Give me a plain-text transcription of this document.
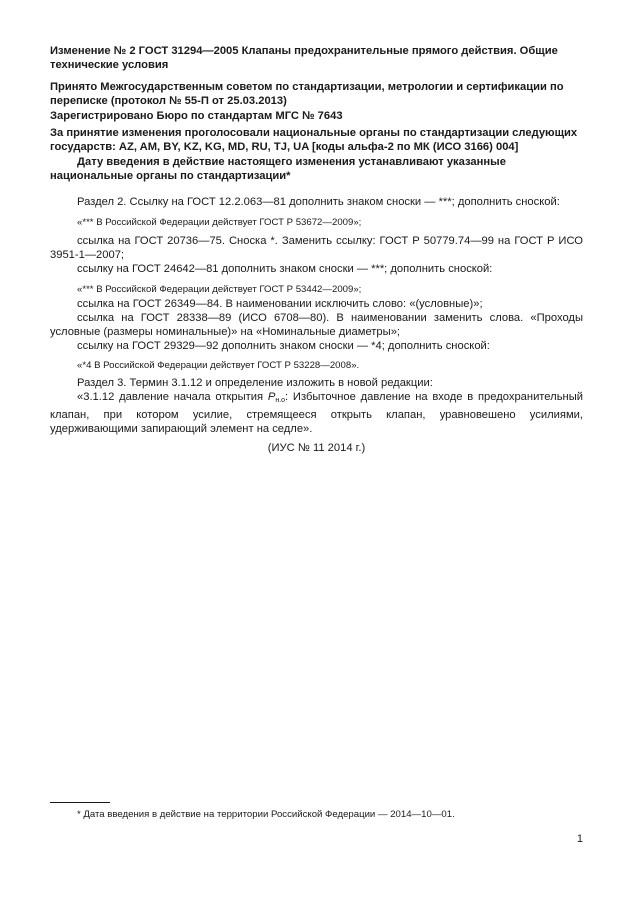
Изменение № 2 ГОСТ 31294—2005 Клапаны предохранительные прямого действия. Общие технические условия
Принято Межгосударственным советом по стандартизации, метрологии и сертификации по переписке (протокол № 55-П от 25.03.2013)
Зарегистрировано Бюро по стандартам МГС № 7643
За принятие изменения проголосовали национальные органы по стандартизации следующих государств: AZ, AM, BY, KZ, KG, MD, RU, TJ, UA [коды альфа-2 по МК (ИСО 3166) 004]
Дату введения в действие настоящего изменения устанавливают указанные национальные органы по стандартизации*
Раздел 2. Ссылку на ГОСТ 12.2.063—81 дополнить знаком сноски — ***; дополнить сноской:
«*** В Российской Федерации действует ГОСТ Р 53672—2009»;
ссылка на ГОСТ 20736—75. Сноска *. Заменить ссылку: ГОСТ Р 50779.74—99 на ГОСТ Р ИСО 3951-1—2007;
ссылку на ГОСТ 24642—81 дополнить знаком сноски — ***; дополнить сноской:
«*** В Российской Федерации действует ГОСТ Р 53442—2009»;
ссылка на ГОСТ 26349—84. В наименовании исключить слово: «(условные)»;
ссылка на ГОСТ 28338—89 (ИСО 6708—80). В наименовании заменить слова. «Проходы условные (размеры номинальные)» на «Номинальные диаметры»;
ссылку на ГОСТ 29329—92 дополнить знаком сноски — *4; дополнить сноской:
«*4 В Российской Федерации действует ГОСТ Р 53228—2008».
Раздел 3. Термин 3.1.12 и определение изложить в новой редакции:
«3.1.12 давление начала открытия $P_{н.о}$: Избыточное давление на входе в предохранительный клапан, при котором усилие, стремящееся открыть клапан, уравновешено усилиями, удерживающими запирающий элемент на седле».
(ИУС № 11 2014 г.)
* Дата введения в действие на территории Российской Федерации — 2014—10—01.
1
